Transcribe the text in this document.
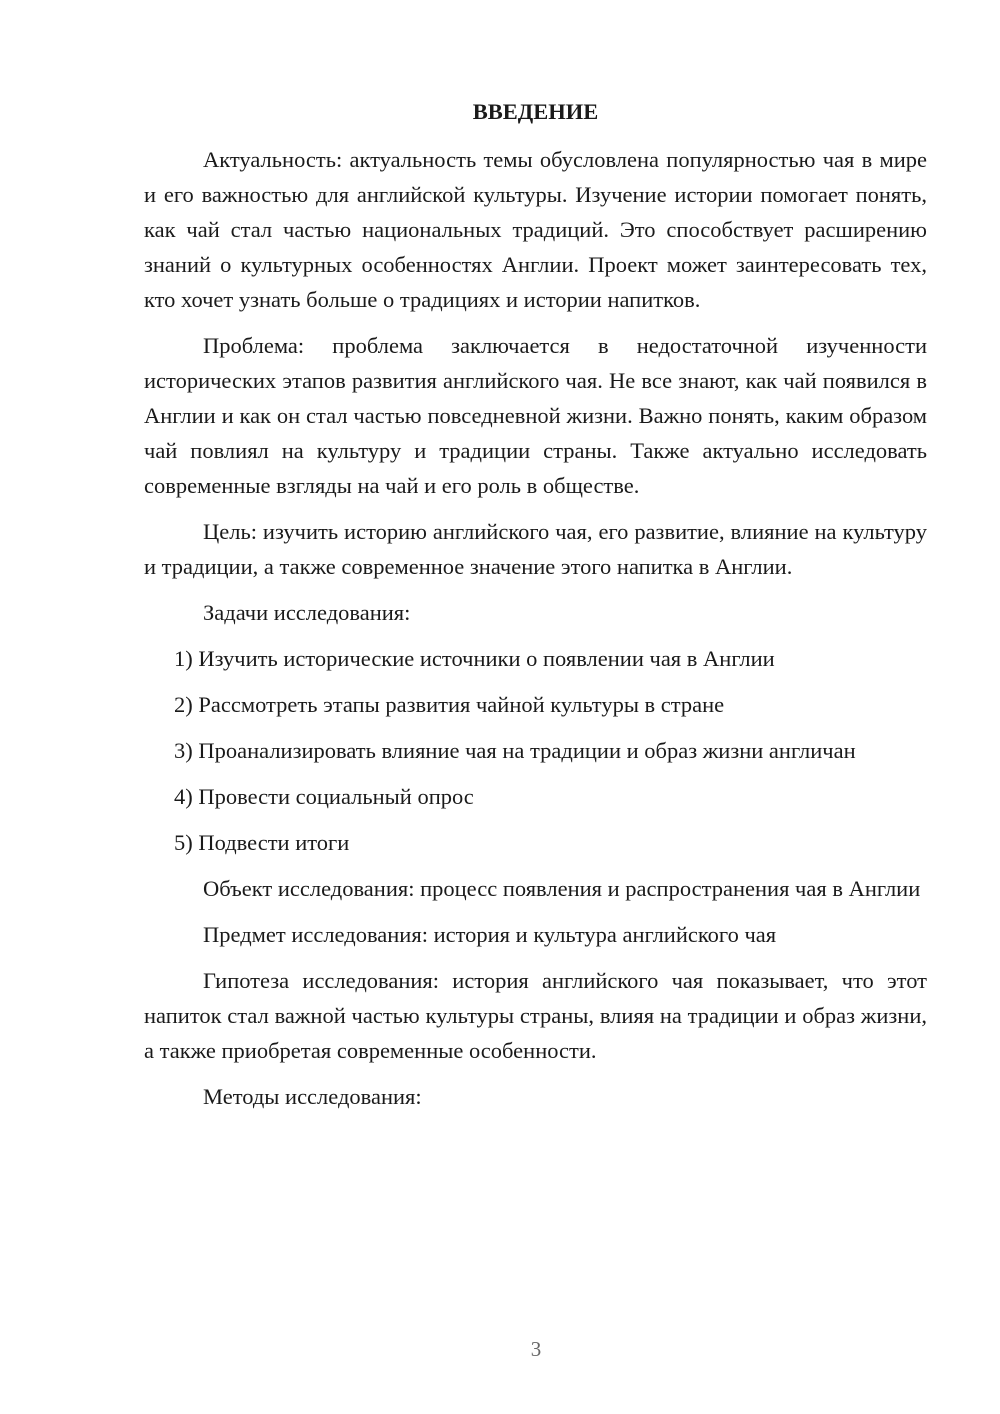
ВВЕДЕНИЕ

Актуальность: актуальность темы обусловлена популярностью чая в мире и его важностью для английской культуры. Изучение истории помогает понять, как чай стал частью национальных традиций. Это способствует расширению знаний о культурных особенностях Англии. Проект может заинтересовать тех, кто хочет узнать больше о традициях и истории напитков.

Проблема: проблема заключается в недостаточной изученности исторических этапов развития английского чая. Не все знают, как чай появился в Англии и как он стал частью повседневной жизни. Важно понять, каким образом чай повлиял на культуру и традиции страны. Также актуально исследовать современные взгляды на чай и его роль в обществе.

Цель: изучить историю английского чая, его развитие, влияние на культуру и традиции, а также современное значение этого напитка в Англии.

Задачи исследования:

1) Изучить исторические источники о появлении чая в Англии

2) Рассмотреть этапы развития чайной культуры в стране

3) Проанализировать влияние чая на традиции и образ жизни англичан

4) Провести социальный опрос

5) Подвести итоги

Объект исследования: процесс появления и распространения чая в Англии

Предмет исследования: история и культура английского чая

Гипотеза исследования: история английского чая показывает, что этот напиток стал важной частью культуры страны, влияя на традиции и образ жизни, а также приобретая современные особенности.

Методы исследования:

3
